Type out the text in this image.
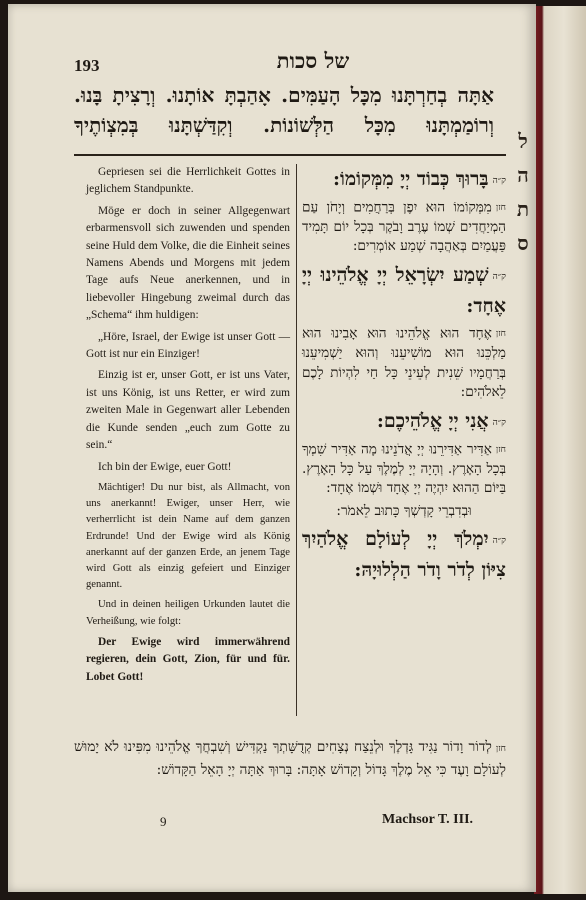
ל
ה
ת
ס
193	של סכות
אַתָּה בְחַרְתָּנוּ מִכָּל הָעַמִּים. אָהַבְתָּ אוֹתָנוּ. וְרָצִיתָ בָּנוּ. וְרוֹמַמְתָּנוּ מִכָּל הַלְּשׁוֹנוֹת. וְקִדַּשְׁתָּנוּ בְּמִצְוֹתֶיךָ

Gepriesen sei die Herrlichkeit Gottes in jeglichem Standpunkte.

Möge er doch in seiner Allgegenwart erbarmensvoll sich zuwenden und spenden seine Huld dem Volke, die die Einheit seines Namens Abends und Morgens mit jedem Tage aufs Neue anerkennen, und in liebevoller Hingebung zweimal durch das „Schema“ ihm huldigen:

„Höre, Israel, der Ewige ist unser Gott — Gott ist nur ein Einziger!

Einzig ist er, unser Gott, er ist uns Vater, ist uns König, ist uns Retter, er wird zum zweiten Male in Gegenwart aller Lebenden die Kunde senden „euch zum Gotte zu sein.“

Ich bin der Ewige, euer Gott!

Mächtiger! Du nur bist, als Allmacht, von uns anerkannt! Ewiger, unser Herr, wie verherrlicht ist dein Name auf dem ganzen Erdrunde! Und der Ewige wird als König anerkannt auf der ganzen Erde, an jenem Tage wird Gott als einzig gefeiert und Einziger genannt.

Und in deinen heiligen Urkunden lautet die Verheißung, wie folgt:

Der Ewige wird immerwährend regieren, dein Gott, Zion, für und für. Lobet Gott!

ק״הבָּרוּךְ כְּבוֹד יְיָ מִמְּקוֹמוֹ:
חזןמִמְּקוֹמוֹ הוּא יִפֶן בְּרַחֲמִים וְיָחֹן עַם הַמְיַחֲדִים שְׁמוֹ עֶרֶב וָבֹקֶר בְּכָל יוֹם תָּמִיד פַּעֲמַיִם בְּאַהֲבָה שְׁמַע אוֹמְרִים:
ק״השְׁמַע יִשְׂרָאֵל יְיָ אֱלֹהֵינוּ יְיָ אֶחָד:
חזןאֶחָד הוּא אֱלֹהֵינוּ הוּא אָבִינוּ הוּא מַלְכֵּנוּ הוּא מוֹשִׁיעֵנוּ וְהוּא יַשְׁמִיעֵנוּ בְּרַחֲמָיו שֵׁנִית לְעֵינֵי כָּל חַי לִהְיוֹת לָכֶם לֵאלֹהִים:
ק״האֲנִי יְיָ אֱלֹהֵיכֶם:
חזןאַדִּיר אַדִּירֵנוּ יְיָ אֲדֹנֵינוּ מָה אַדִּיר שִׁמְךָ בְּכָל הָאָרֶץ. וְהָיָה יְיָ לְמֶלֶךְ עַל כָּל הָאָרֶץ. בַּיּוֹם הַהוּא יִהְיֶה יְיָ אֶחָד וּשְׁמוֹ אֶחָד:
וּבְדִבְרֵי קָדְשְׁךָ כָּתוּב לֵאמֹר:
ק״היִמְלֹךְ יְיָ לְעוֹלָם אֱלֹהַיִךְ צִיּוֹן לְדֹר וָדֹר הַלְלוּיָהּ:
חזןלְדוֹר וָדוֹר נַגִּיד גָּדְלֶךָ וּלְנֵצַח נְצָחִים קְדֻשָּׁתְךָ נַקְדִּישׁ וְשִׁבְחֲךָ אֱלֹהֵינוּ מִפִּינוּ לֹא יָמוּשׁ לְעוֹלָם וָעֶד כִּי אֵל מֶלֶךְ גָּדוֹל וְקָדוֹשׁ אָתָּה: בָּרוּךְ אַתָּה יְיָ הָאֵל הַקָּדוֹשׁ:
9	Machsor T. III.
